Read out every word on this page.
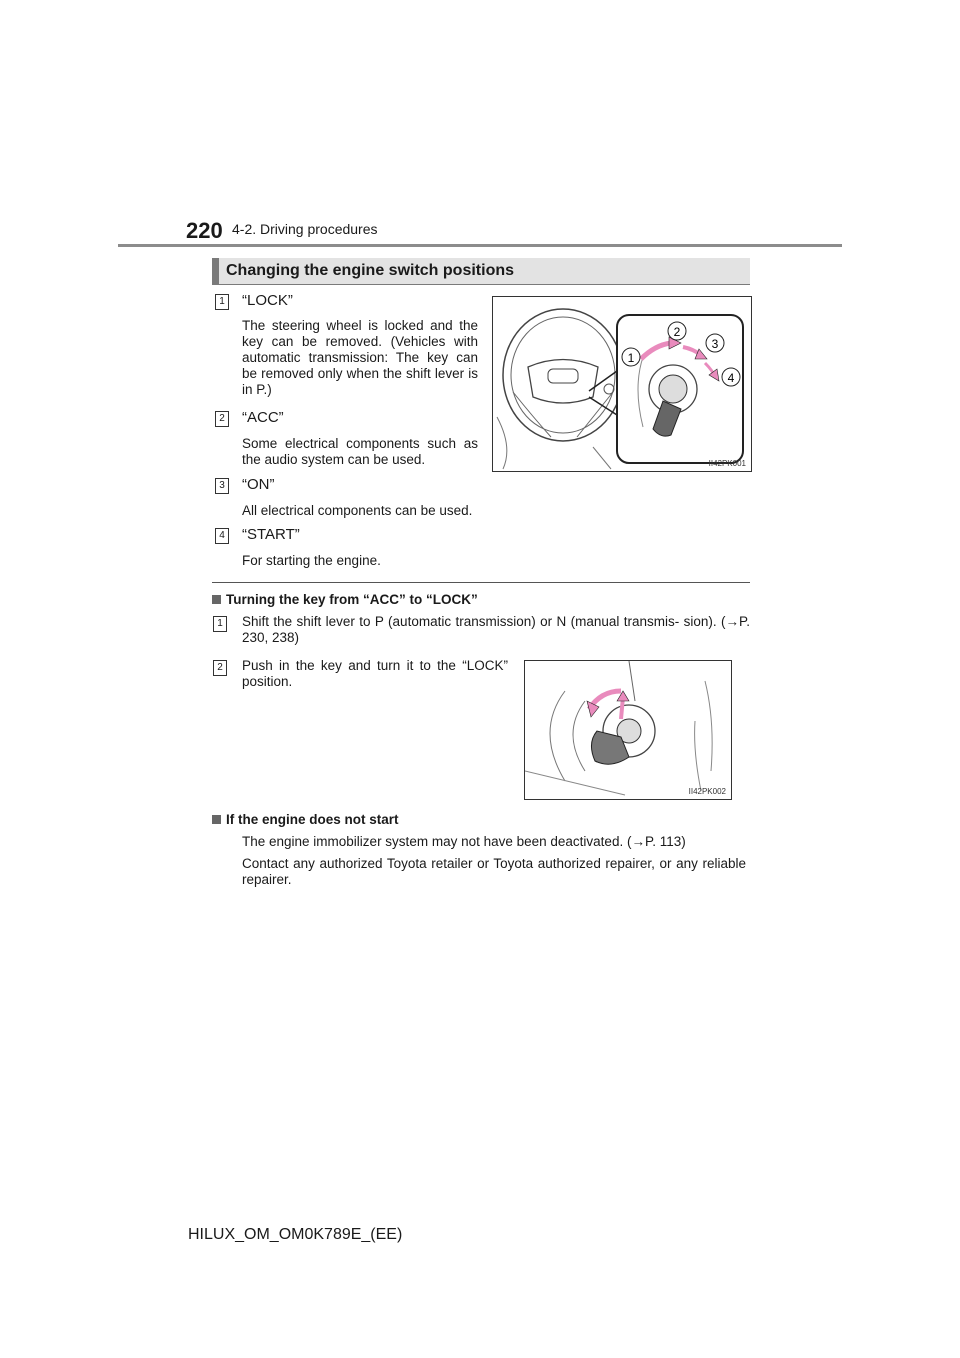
220 4-2. Driving procedures
Changing the engine switch positions
1 “LOCK”
The steering wheel is locked and the key can be removed. (Vehicles with automatic transmission: The key can be removed only when the shift lever is in P.)
2 “ACC”
Some electrical components such as the audio system can be used.
3 “ON”
All electrical components can be used.
4 “START”
For starting the engine.
1
2
3
4
II42PK001
Turning the key from “ACC” to “LOCK”
1	Shift the shift lever to P (automatic transmission) or N (manual transmis- sion). (→P. 230, 238)
2	Push in the key and turn it to the “LOCK” position.
II42PK002
If the engine does not start
The engine immobilizer system may not have been deactivated. (→P. 113)
Contact any authorized Toyota retailer or Toyota authorized repairer, or any reliable repairer.
HILUX_OM_OM0K789E_(EE)
